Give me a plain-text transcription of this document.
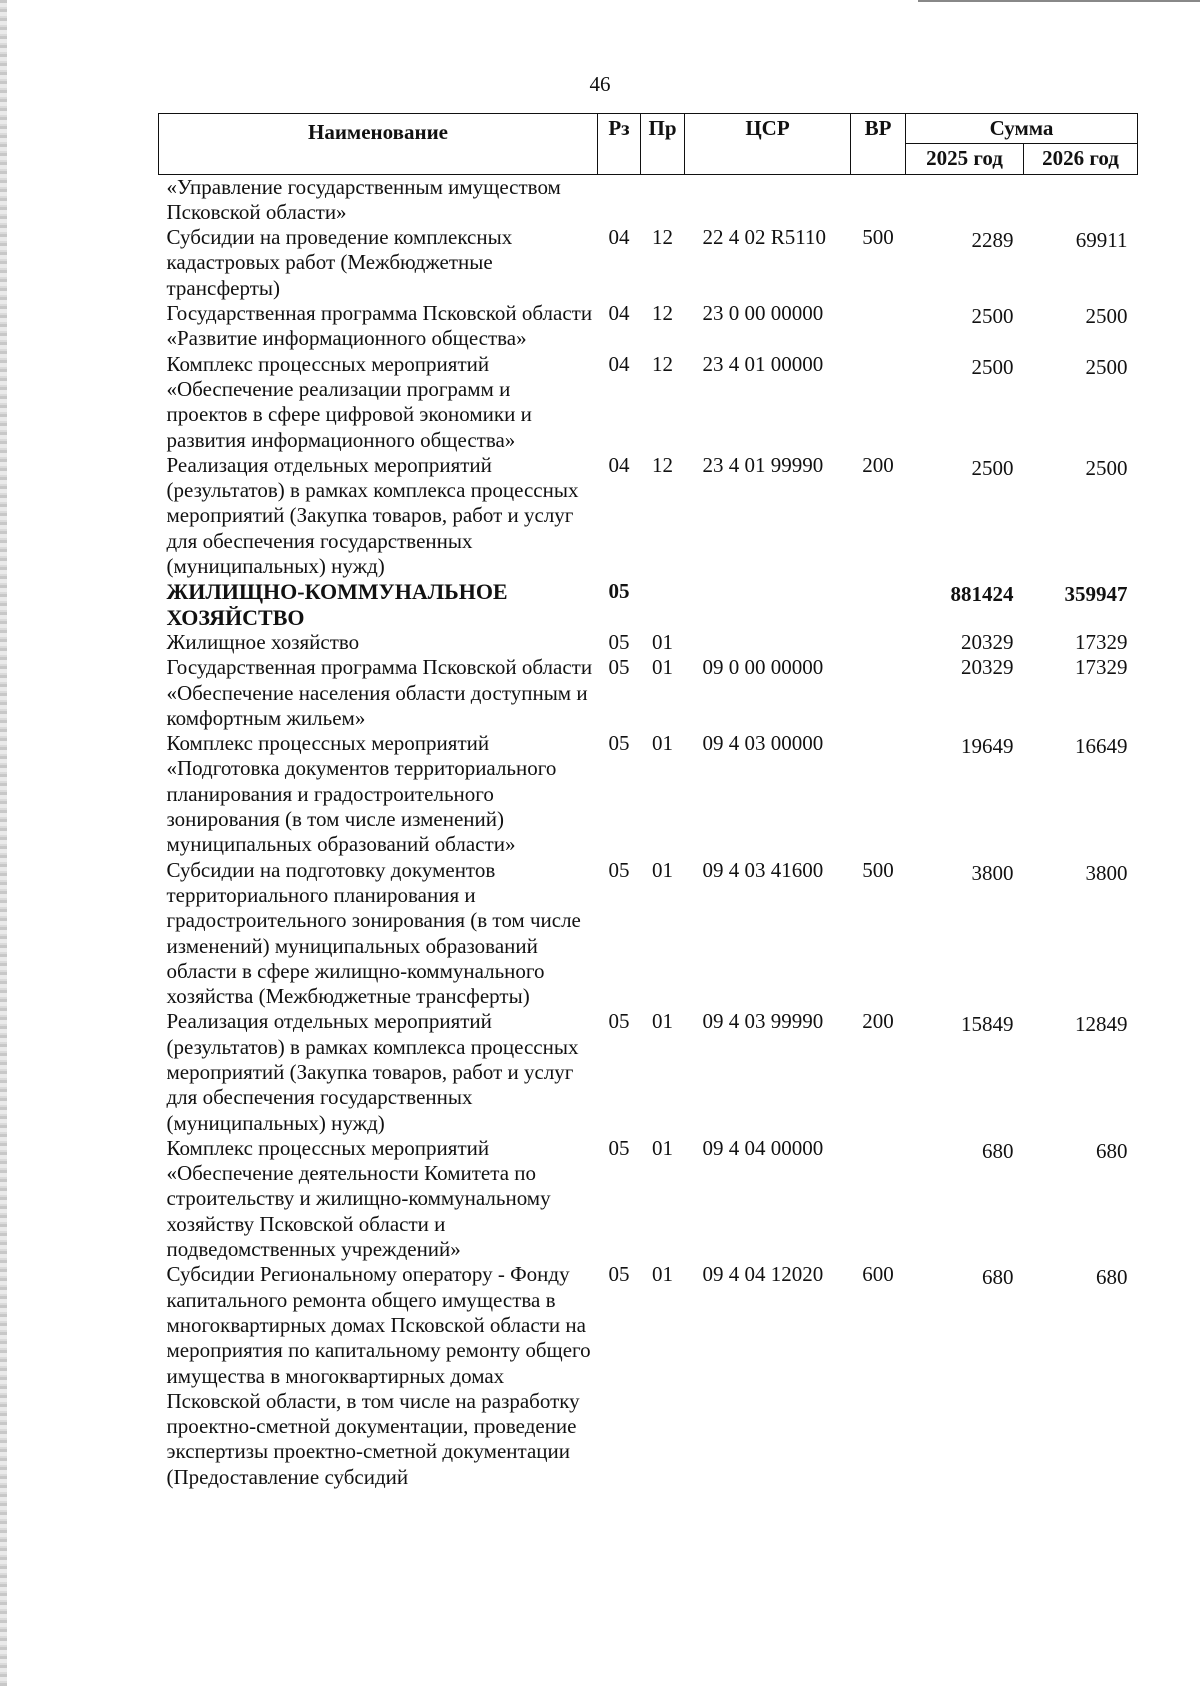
46
Наименование	Рз	Пр	ЦСР	ВР	Сумма	
					2025 год	2026 год
«Управление государственным имуществом Псковской области»						
Субсидии на проведение комплексных кадастровых работ (Межбюджетные трансферты)	04	12	22 4 02 R5110	500	2289	69911
Государственная программа Псковской области «Развитие информационного общества»	04	12	23 0 00 00000		2500	2500
Комплекс процессных мероприятий «Обеспечение реализации программ и проектов в сфере цифровой экономики и развития информационного общества»	04	12	23 4 01 00000		2500	2500
Реализация отдельных мероприятий (результатов) в рамках комплекса процессных мероприятий (Закупка товаров, работ и услуг для обеспечения государственных (муниципальных) нужд)	04	12	23 4 01 99990	200	2500	2500
ЖИЛИЩНО-КОММУНАЛЬНОЕ ХОЗЯЙСТВО	05				881424	359947
Жилищное хозяйство	05	01			20329	17329
Государственная программа Псковской области «Обеспечение населения области доступным и комфортным жильем»	05	01	09 0 00 00000		20329	17329
Комплекс процессных мероприятий «Подготовка документов территориального планирования и градостроительного зонирования (в том числе изменений) муниципальных образований области»	05	01	09 4 03 00000		19649	16649
Субсидии на подготовку документов территориального планирования и градостроительного зонирования (в том числе изменений) муниципальных образований области в сфере жилищно-коммунального хозяйства (Межбюджетные трансферты)	05	01	09 4 03 41600	500	3800	3800
Реализация отдельных мероприятий (результатов) в рамках комплекса процессных мероприятий (Закупка товаров, работ и услуг для обеспечения государственных (муниципальных) нужд)	05	01	09 4 03 99990	200	15849	12849
Комплекс процессных мероприятий «Обеспечение деятельности Комитета по строительству и жилищно-коммунальному хозяйству Псковской области и подведомственных учреждений»	05	01	09 4 04 00000		680	680
Субсидии Региональному оператору - Фонду капитального ремонта общего имущества в многоквартирных домах Псковской области на мероприятия по капитальному ремонту общего имущества в многоквартирных домах Псковской области, в том числе на разработку проектно-сметной документации, проведение экспертизы проектно-сметной документации (Предоставление субсидий	05	01	09 4 04 12020	600	680	680
